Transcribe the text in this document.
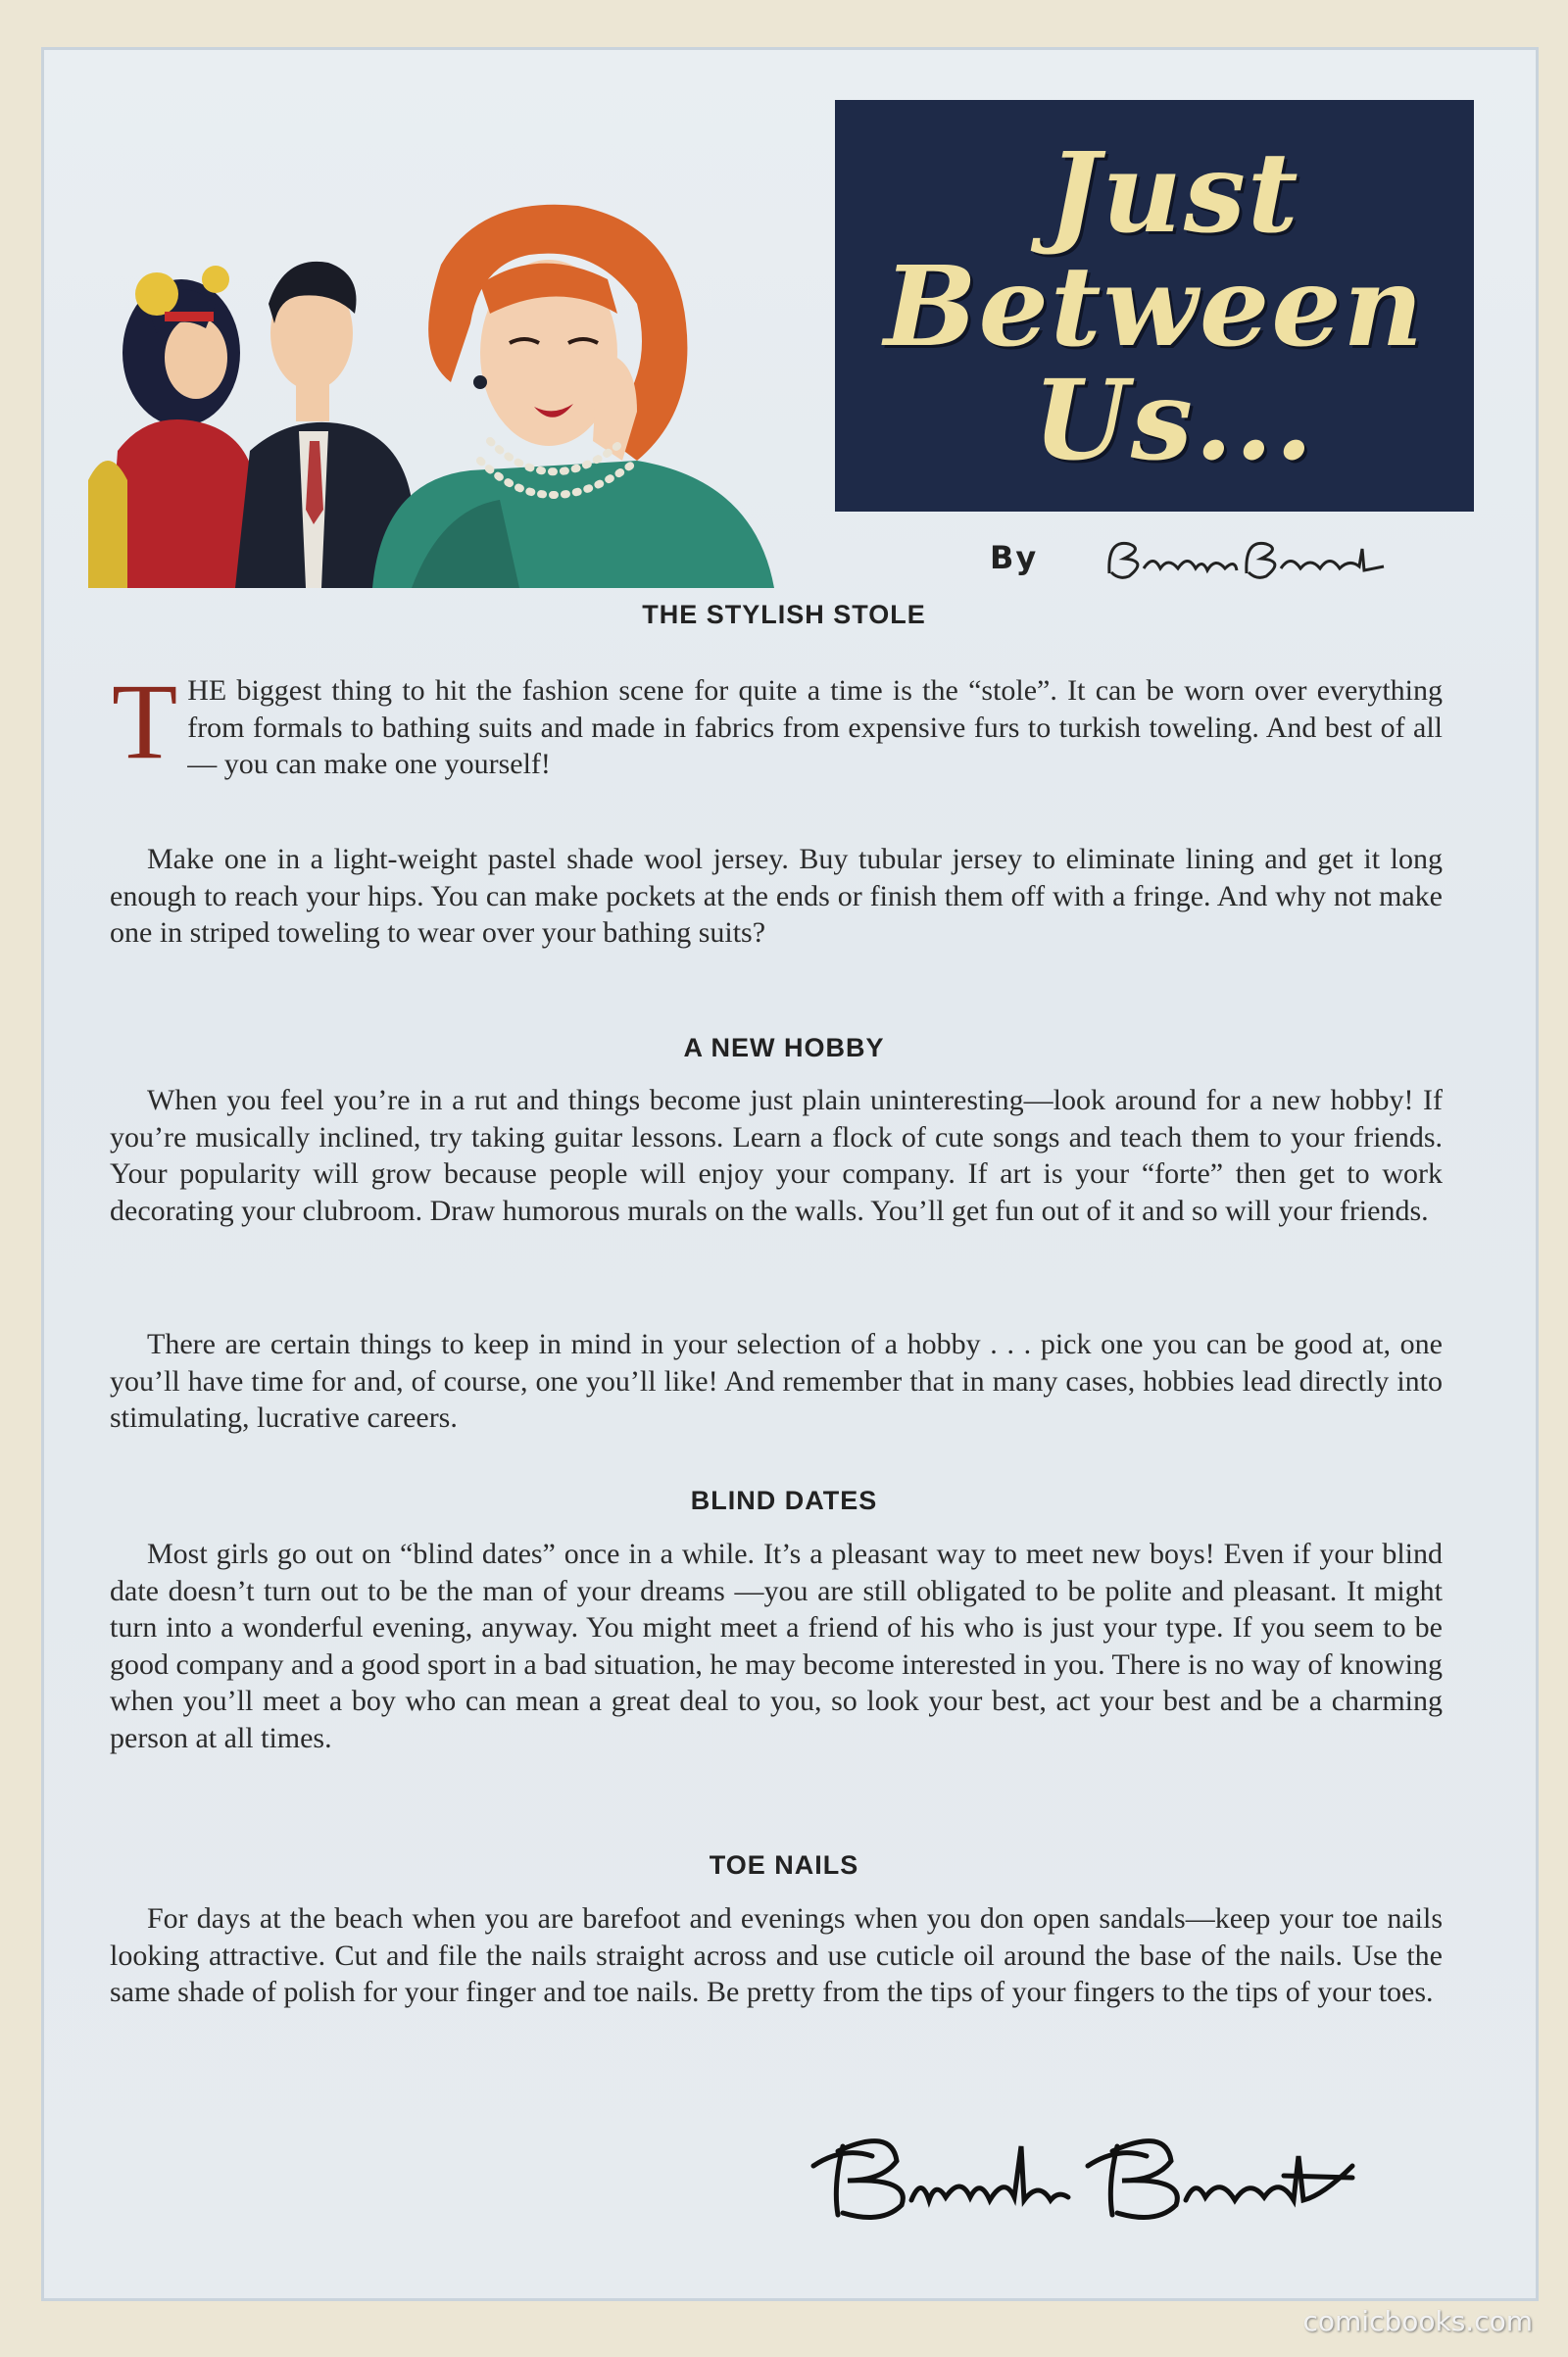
Just
Between
Us...
By
THE STYLISH STOLE
THE biggest thing to hit the fashion scene for quite a time is the “stole”. It can be worn over everything from formals to bathing suits and made in fabrics from expensive furs to turkish toweling. And best of all — you can make one yourself!
Make one in a light-weight pastel shade wool jersey. Buy tubular jersey to eliminate lining and get it long enough to reach your hips. You can make pockets at the ends or finish them off with a fringe. And why not make one in striped toweling to wear over your bathing suits?
A NEW HOBBY
When you feel you’re in a rut and things become just plain uninteresting—look around for a new hobby! If you’re musically inclined, try taking guitar lessons. Learn a flock of cute songs and teach them to your friends. Your popularity will grow because people will enjoy your company. If art is your “forte” then get to work decorating your clubroom. Draw humorous murals on the walls. You’ll get fun out of it and so will your friends.
There are certain things to keep in mind in your selection of a hobby . . . pick one you can be good at, one you’ll have time for and, of course, one you’ll like! And remember that in many cases, hobbies lead directly into stimulating, lucrative careers.
BLIND DATES
Most girls go out on “blind dates” once in a while. It’s a pleasant way to meet new boys! Even if your blind date doesn’t turn out to be the man of your dreams —you are still obligated to be polite and pleasant. It might turn into a wonderful evening, anyway. You might meet a friend of his who is just your type. If you seem to be good company and a good sport in a bad situation, he may become interested in you. There is no way of knowing when you’ll meet a boy who can mean a great deal to you, so look your best, act your best and be a charming person at all times.
TOE NAILS
For days at the beach when you are barefoot and evenings when you don open sandals—keep your toe nails looking attractive. Cut and file the nails straight across and use cuticle oil around the base of the nails. Use the same shade of polish for your finger and toe nails. Be pretty from the tips of your fingers to the tips of your toes.
comicbooks.com
